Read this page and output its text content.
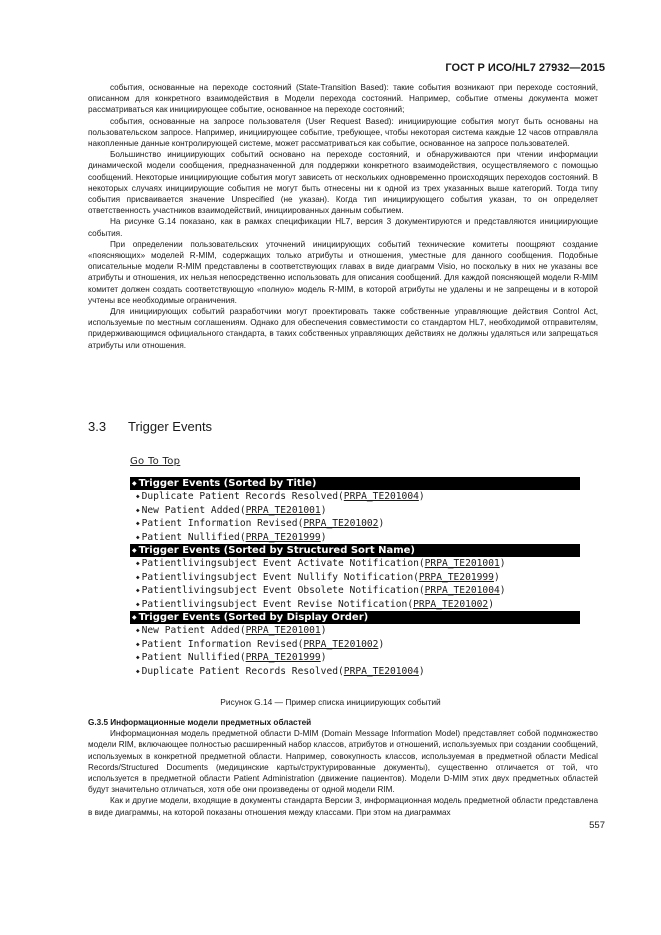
ГОСТ Р ИСО/HL7 27932—2015

события, основанные на переходе состояний (State-Transition Based): такие события возникают при переходе состояний, описанном для конкретного взаимодействия в Модели перехода состояний. Например, событие отмены документа может рассматриваться как инициирующее событие, основанное на переходе состояний;

события, основанные на запросе пользователя (User Request Based): инициирующие события могут быть основаны на пользовательском запросе. Например, инициирующее событие, требующее, чтобы некоторая система каждые 12 часов отправляла накопленные данные контролирующей системе, может рассматриваться как событие, основанное на запросе пользователей.

Большинство инициирующих событий основано на переходе состояний, и обнаруживаются при чтении информации динамической модели сообщения, предназначенной для поддержки конкретного взаимодействия, осуществляемого с помощью сообщений. Некоторые инициирующие события могут зависеть от нескольких одновременно происходящих переходов состояний. В некоторых случаях инициирующие события не могут быть отнесены ни к одной из трех указанных выше категорий. Тогда типу события присваивается значение Unspecified (не указан). Когда тип инициирующего события указан, то он определяет ответственность участников взаимодействий, инициированных данным событием.

На рисунке G.14 показано, как в рамках спецификации HL7, версия 3 документируются и представляются инициирующие события.

При определении пользовательских уточнений инициирующих событий технические комитеты поощряют создание «поясняющих» моделей R-MIM, содержащих только атрибуты и отношения, уместные для данного сообщения. Подобные описательные модели R-MIM представлены в соответствующих главах в виде диаграмм Visio, но поскольку в них не указаны все атрибуты и отношения, их нельзя непосредственно использовать для описания сообщений. Для каждой поясняющей модели R-MIM комитет должен создать соответствующую «полную» модель R-MIM, в которой атрибуты не удалены и не запрещены и в которой учтены все необходимые ограничения.

Для инициирующих событий разработчики могут проектировать также собственные управляющие действия Control Act, используемые по местным соглашениям. Однако для обеспечения совместимости со стандартом HL7, необходимой отправителям, придерживающимся официального стандарта, в таких собственных управляющих действиях не должны удаляться или запрещаться атрибуты или отношения.

3.3 Trigger Events
Go To Top
◆ Trigger Events (Sorted by Title)
◆ Duplicate Patient Records Resolved(PRPA_TE201004)
◆ New Patient Added(PRPA_TE201001)
◆ Patient Information Revised(PRPA_TE201002)
◆ Patient Nullified(PRPA_TE201999)
◆ Trigger Events (Sorted by Structured Sort Name)
◆ Patientlivingsubject Event Activate Notification(PRPA_TE201001)
◆ Patientlivingsubject Event Nullify Notification(PRPA_TE201999)
◆ Patientlivingsubject Event Obsolete Notification(PRPA_TE201004)
◆ Patientlivingsubject Event Revise Notification(PRPA_TE201002)
◆ Trigger Events (Sorted by Display Order)
◆ New Patient Added(PRPA_TE201001)
◆ Patient Information Revised(PRPA_TE201002)
◆ Patient Nullified(PRPA_TE201999)
◆ Duplicate Patient Records Resolved(PRPA_TE201004)
Рисунок G.14 — Пример списка инициирующих событий

G.3.5 Информационные модели предметных областей

Информационная модель предметной области D-MIM (Domain Message Information Model) представляет собой подмножество модели RIM, включающее полностью расширенный набор классов, атрибутов и отношений, используемых при создании сообщений, используемых в конкретной предметной области. Например, совокупность классов, используемая в предметной области Medical Records/Structured Documents (медицинские карты/структурированные документы), существенно отличается от той, что используется в предметной области Patient Administration (движение пациентов). Модели D-MIM этих двух предметных областей будут значительно отличаться, хотя обе они произведены от одной модели RIM.

Как и другие модели, входящие в документы стандарта Версии 3, информационная модель предметной области представлена в виде диаграммы, на которой показаны отношения между классами. При этом на диаграммах

557
